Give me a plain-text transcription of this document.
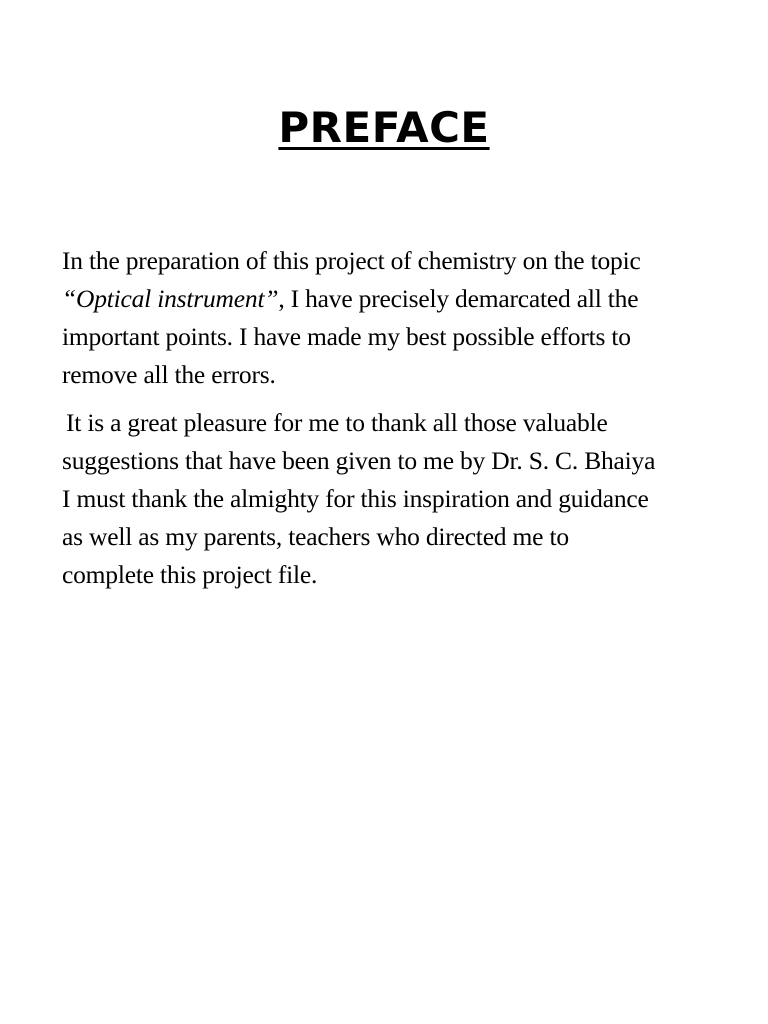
PREFACE
In the preparation of this project of chemistry on the topic
“Optical instrument”, I have precisely demarcated all the
important points. I have made my best possible efforts to
remove all the errors.
It is a great pleasure for me to thank all those valuable
suggestions that have been given to me by Dr. S. C. Bhaiya
I must thank the almighty for this inspiration and guidance
as well as my parents, teachers who directed me to
complete this project file.
